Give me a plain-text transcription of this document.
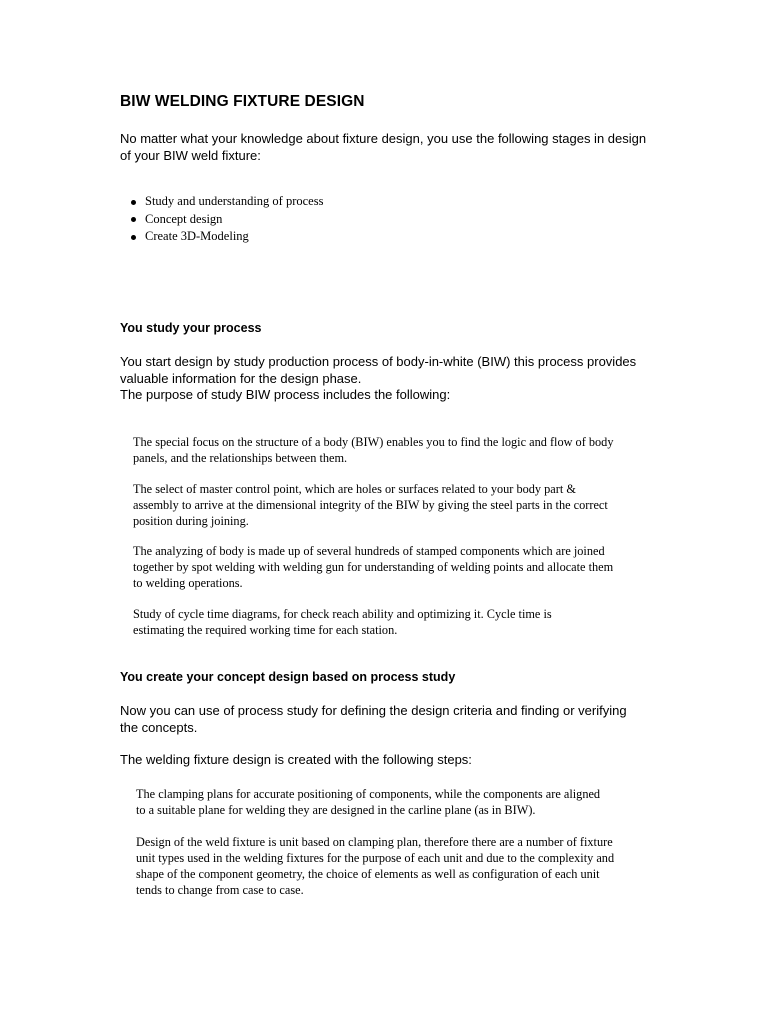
BIW WELDING FIXTURE DESIGN

No matter what your knowledge about fixture design, you use the following stages in design of your BIW weld fixture:

Study and understanding of process
Concept design
Create 3D-Modeling
You study your process

You start design by study production process of body-in-white (BIW) this process provides valuable information for the design phase.

The purpose of study BIW process includes the following:

The special focus on the structure of a body (BIW) enables you to find the logic and flow of body panels, and the relationships between them.

The select of master control point, which are holes or surfaces related to your body part & assembly to arrive at the dimensional integrity of the BIW by giving the steel parts in the correct position during joining.

The analyzing of body is made up of several hundreds of stamped components which are joined together by spot welding with welding gun for understanding of welding points and allocate them to welding operations.

Study of cycle time diagrams, for check reach ability and optimizing it. Cycle time is estimating the required working time for each station.

You create your concept design based on process study

Now you can use of process study for defining the design criteria and finding or verifying the concepts.

The welding fixture design is created with the following steps:

The clamping plans for accurate positioning of components, while the components are aligned to a suitable plane for welding they are designed in the carline plane (as in BIW).

Design of the weld fixture is unit based on clamping plan, therefore there are a number of fixture unit types used in the welding fixtures for the purpose of each unit and due to the complexity and shape of the component geometry, the choice of elements as well as configuration of each unit tends to change from case to case.
